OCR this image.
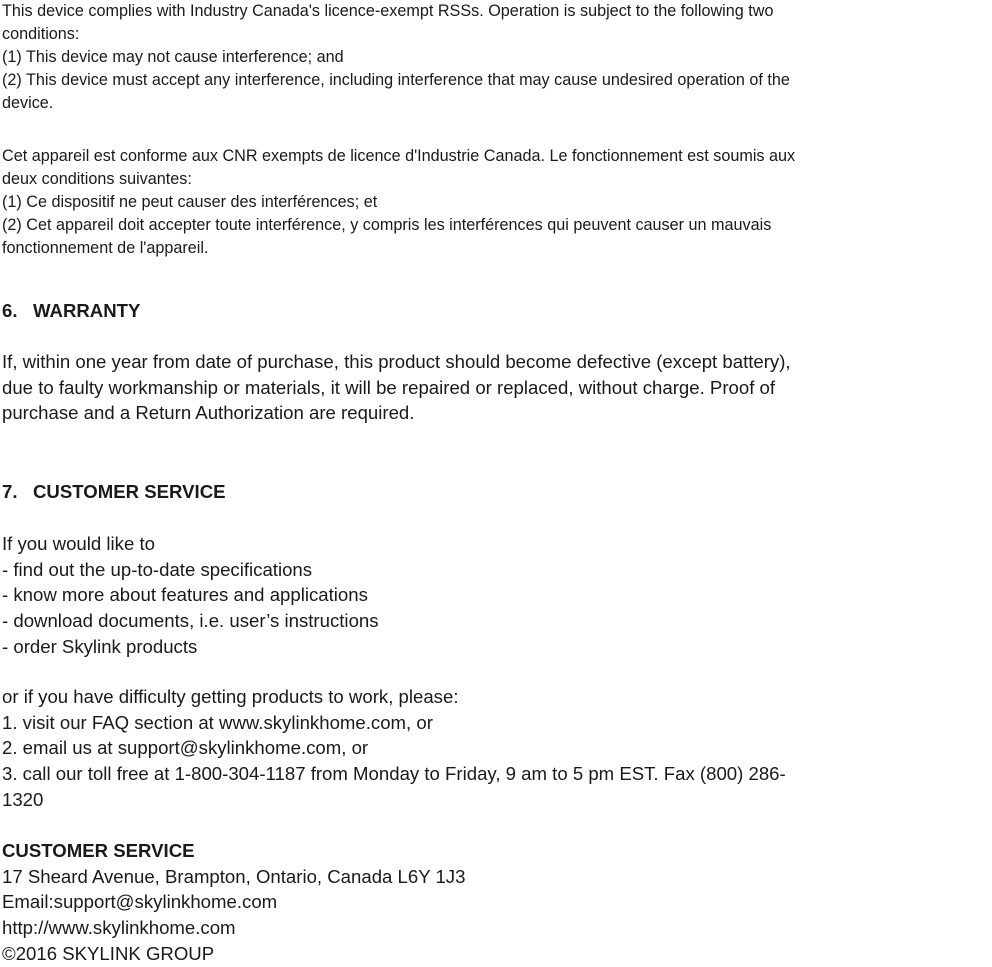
This device complies with Industry Canada's licence-exempt RSSs. Operation is subject to the following two
conditions:
(1) This device may not cause interference; and
(2) This device must accept any interference, including interference that may cause undesired operation of the
device.
Cet appareil est conforme aux CNR exempts de licence d'Industrie Canada. Le fonctionnement est soumis aux
deux conditions suivantes:
(1) Ce dispositif ne peut causer des interférences; et
(2) Cet appareil doit accepter toute interférence, y compris les interférences qui peuvent causer un mauvais
fonctionnement de l'appareil.
6.   WARRANTY
If, within one year from date of purchase, this product should become defective (except battery),
due to faulty workmanship or materials, it will be repaired or replaced, without charge. Proof of
purchase and a Return Authorization are required.
7.   CUSTOMER SERVICE
If you would like to
- find out the up-to-date specifications
- know more about features and applications
- download documents, i.e. user’s instructions
- order Skylink products
or if you have difficulty getting products to work, please:
1. visit our FAQ section at www.skylinkhome.com, or
2. email us at support@skylinkhome.com, or
3. call our toll free at 1-800-304-1187 from Monday to Friday, 9 am to 5 pm EST. Fax (800) 286-
1320
CUSTOMER SERVICE
17 Sheard Avenue, Brampton, Ontario, Canada L6Y 1J3
Email:support@skylinkhome.com
http://www.skylinkhome.com
©2016 SKYLINK GROUP
